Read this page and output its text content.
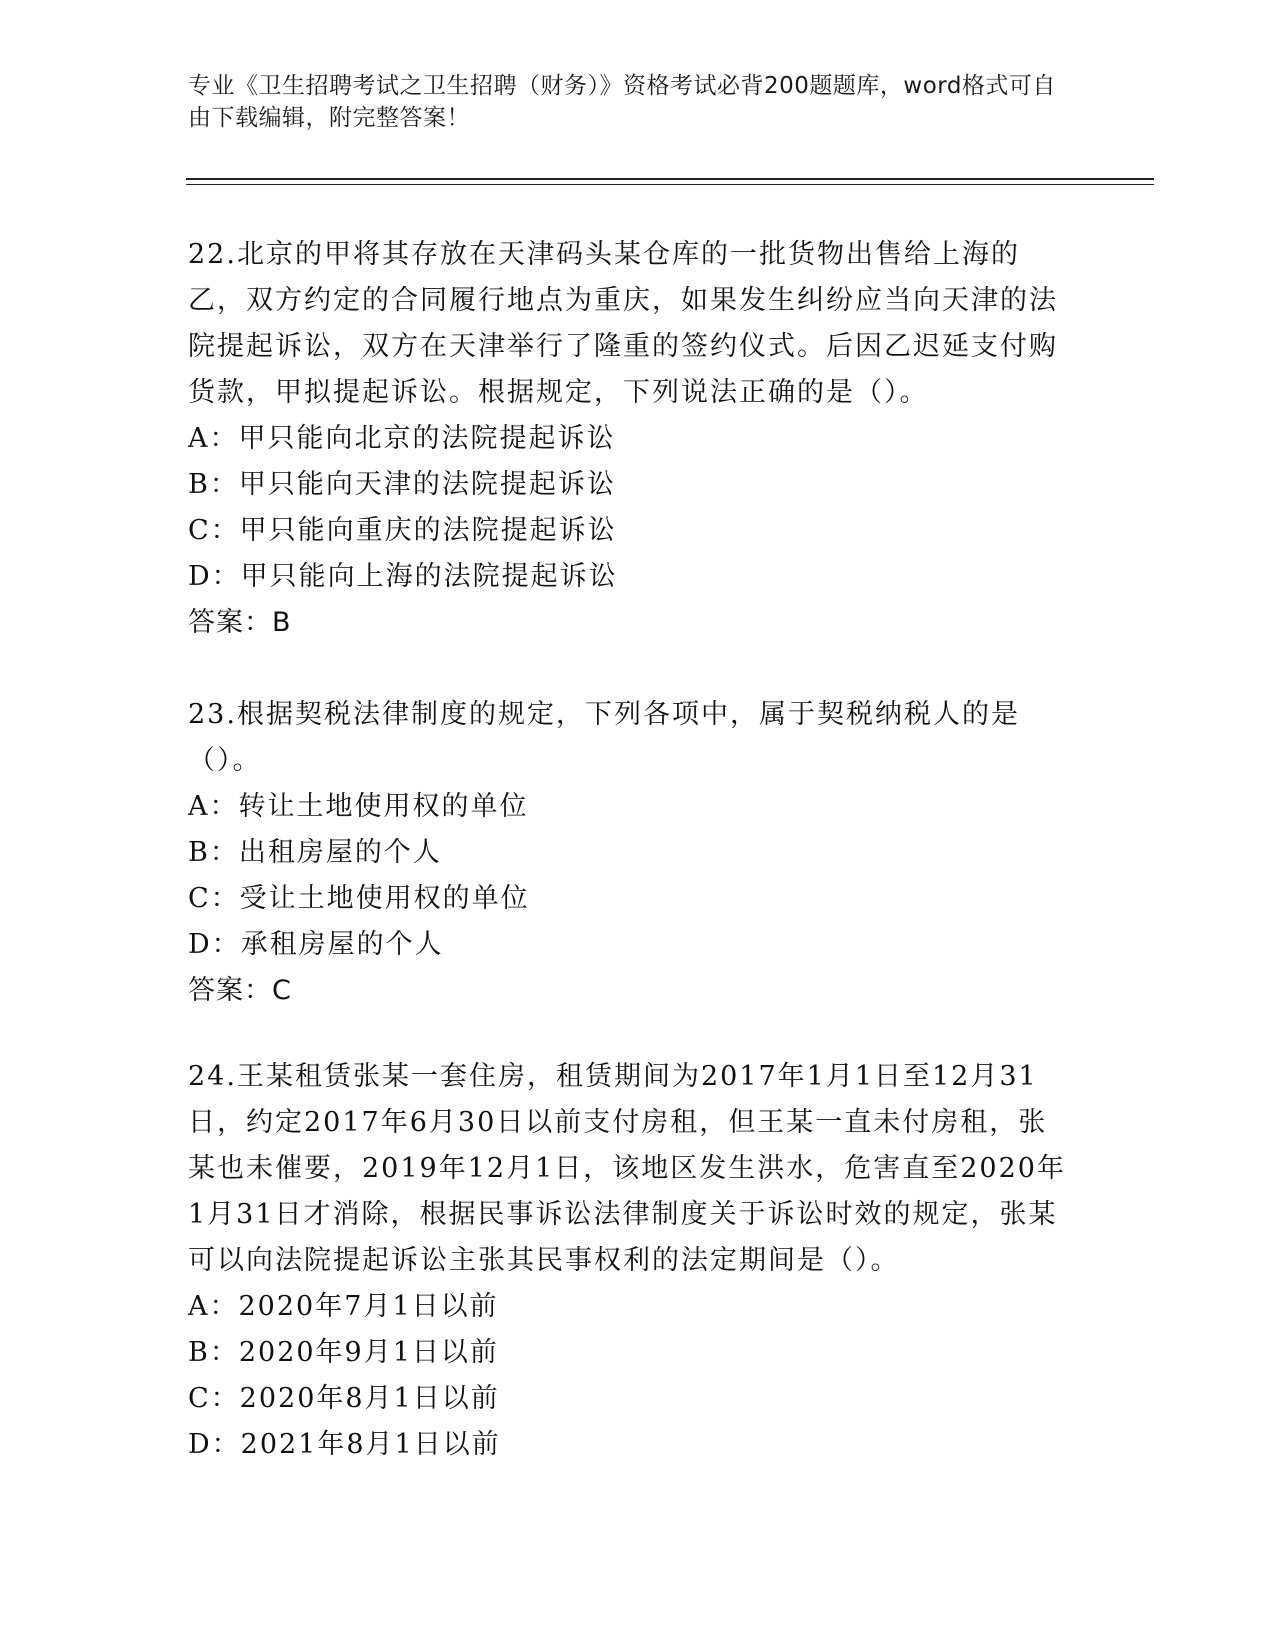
专业《卫生招聘考试之卫生招聘（财务）》资格考试必背200题题库，word格式可自由下载编辑，附完整答案！

22.北京的甲将其存放在天津码头某仓库的一批货物出售给上海的乙，双方约定的合同履行地点为重庆，如果发生纠纷应当向天津的法院提起诉讼，双方在天津举行了隆重的签约仪式。后因乙迟延支付购货款，甲拟提起诉讼。根据规定，下列说法正确的是（）。

A：甲只能向北京的法院提起诉讼

B：甲只能向天津的法院提起诉讼

C：甲只能向重庆的法院提起诉讼

D：甲只能向上海的法院提起诉讼

答案：B

23.根据契税法律制度的规定，下列各项中，属于契税纳税人的是（）。

A：转让土地使用权的单位

B：出租房屋的个人

C：受让土地使用权的单位

D：承租房屋的个人

答案：C

24.王某租赁张某一套住房，租赁期间为2017年1月1日至12月31日，约定2017年6月30日以前支付房租，但王某一直未付房租，张某也未催要，2019年12月1日，该地区发生洪水，危害直至2020年1月31日才消除，根据民事诉讼法律制度关于诉讼时效的规定，张某可以向法院提起诉讼主张其民事权利的法定期间是（）。

A：2020年7月1日以前

B：2020年9月1日以前

C：2020年8月1日以前

D：2021年8月1日以前
